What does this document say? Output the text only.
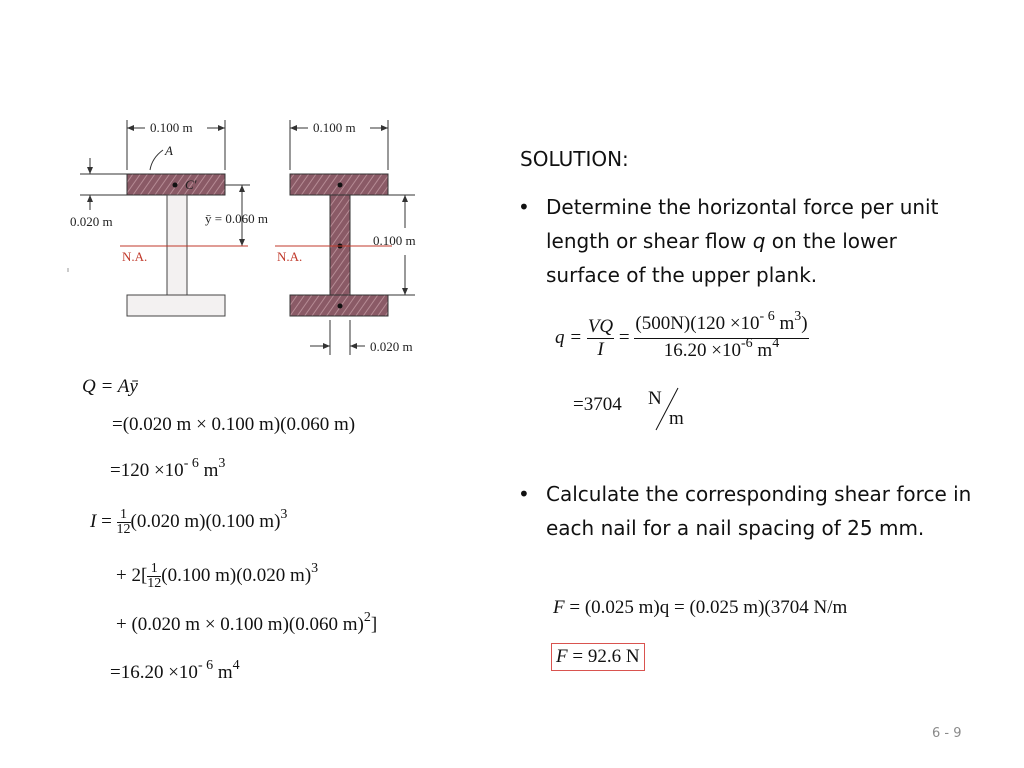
0.100 m
A
C′
0.020 m	ȳ = 0.060 m
N.A.
0.100 m
0.100 m
N.A.
0.020 m
Q = Aȳ
=(0.020 m × 0.100 m)(0.060 m)
$=120 \times 10^{- 6}$ $m^3$
$I = \frac{1}{12} (0.020$ m)(0.100 m)$^3$
+ $2[ \frac{1}{12} (0.100$ m)(0.020 m)$^3$
+ (0.020 m × 0.100 m)(0.060 m)$^2$]
$=16.20 \times 10^{- 6}$ $m^4$
SOLUTION:
• Determine the horizontal force per unit length or shear flow q on the lower surface of the upper plank.
$q = \frac{VQ}{I} = \frac{(500N)(120 \times 10^{- 6} m^3)}{16.20 \times 10^{-6} m^4}$
=3704 N
m
• Calculate the corresponding shear force in each nail for a nail spacing of 25 mm.
F = (0.025 m)q = (0.025 m)(3704 N/m
F = 92.6 N
6 - 9
